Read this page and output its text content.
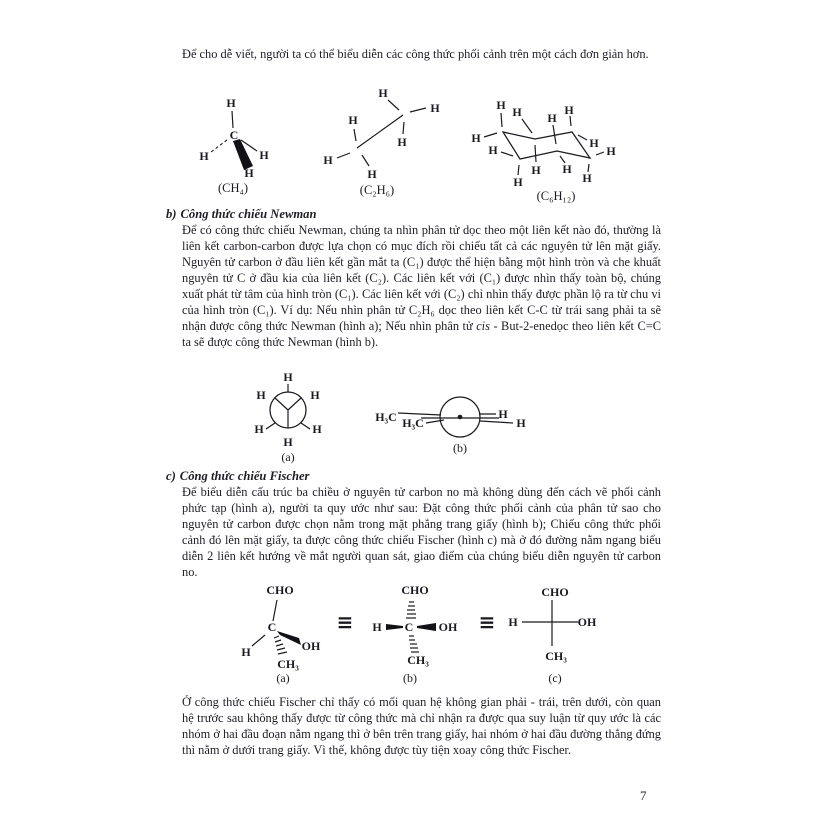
Để cho dễ viết, người ta có thể biểu diễn các công thức phối cảnh trên một cách đơn giản hơn.
H
C
H	H
H
(CH₄)
H
H
H
H
H
H
(C₂H₆)
H H H
H
H	H
H
H
H H
H	H
(C₆H₁₂)
b) Công thức chiếu Newman
Để có công thức chiếu Newman, chúng ta nhìn phân tử dọc theo một liên kết nào đó, thường là liên kết carbon-carbon được lựa chọn có mục đích rồi chiếu tất cả các nguyên tử lên mặt giấy. Nguyên tử carbon ở đầu liên kết gần mắt ta (C₁) được thể hiện bằng một hình tròn và che khuất nguyên tử C ở đầu kia của liên kết (C₂). Các liên kết với (C₁) được nhìn thấy toàn bộ, chúng xuất phát từ tâm của hình tròn (C₁). Các liên kết với (C₂) chỉ nhìn thấy được phần lộ ra từ chu vi của hình tròn (C₁). Ví dụ: Nếu nhìn phân tử C₂H₆ dọc theo liên kết C-C từ trái sang phải ta sẽ nhận được công thức Newman (hình a); Nếu nhìn phân tử cis - But-2-enedọc theo liên kết C=C ta sẽ được công thức Newman (hình b).
H
H	H
H	H
H
(a)
H₃C H₃C
H
H
(b)
c) Công thức chiếu Fischer
Để biểu diễn cấu trúc ba chiều ở nguyên tử carbon no mà không dùng đến cách vẽ phối cảnh phức tạp (hình a), người ta quy ước như sau: Đặt công thức phối cảnh của phân tử sao cho nguyên tử carbon được chọn nằm trong mặt phẳng trang giấy (hình b); Chiếu công thức phối cảnh đó lên mặt giấy, ta được công thức chiếu Fischer (hình c) mà ở đó đường nằm ngang biểu diễn 2 liên kết hướng về mắt người quan sát, giao điểm của chúng biểu diễn nguyên tử carbon no.
CHO
C
H	OH
CH₃
(a)
≡
CHO
C
H	OH
CH₃
(b)
≡
CHO
H	OH
CH₃
(c)
Ở công thức chiếu Fischer chỉ thấy có mối quan hệ không gian phải - trái, trên dưới, còn quan hệ trước sau không thấy được từ công thức mà chỉ nhận ra được qua suy luận từ quy ước là các nhóm ở hai đầu đoạn nằm ngang thì ở bên trên trang giấy, hai nhóm ở hai đầu đường thẳng đứng thì nằm ở dưới trang giấy. Vì thế, không được tùy tiện xoay công thức Fischer.
7
